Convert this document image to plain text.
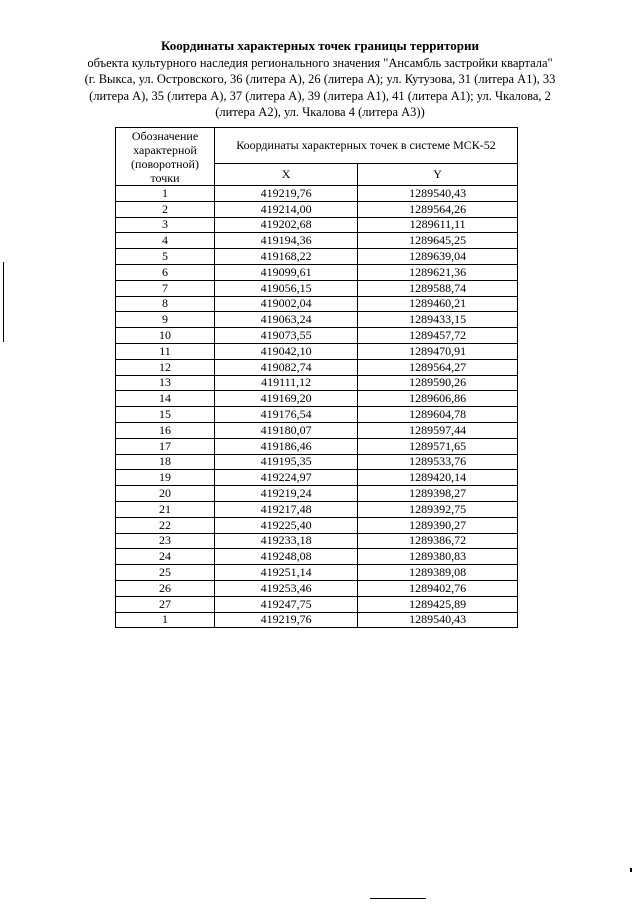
Координаты характерных точек границы территории
объекта культурного наследия регионального значения "Ансамбль застройки квартала"
(г. Выкса, ул. Островского, 36 (литера А), 26 (литера А); ул. Кутузова, 31 (литера А1), 33
(литера А), 35 (литера А), 37 (литера А), 39 (литера А1), 41 (литера А1); ул. Чкалова, 2
(литера А2), ул. Чкалова 4 (литера А3))
Обозначение
характерной
(поворотной)
точки	Координаты характерных точек в системе МСК-52	
	X	Y
1	419219,76	1289540,43
2	419214,00	1289564,26
3	419202,68	1289611,11
4	419194,36	1289645,25
5	419168,22	1289639,04
6	419099,61	1289621,36
7	419056,15	1289588,74
8	419002,04	1289460,21
9	419063,24	1289433,15
10	419073,55	1289457,72
11	419042,10	1289470,91
12	419082,74	1289564,27
13	419111,12	1289590,26
14	419169,20	1289606,86
15	419176,54	1289604,78
16	419180,07	1289597,44
17	419186,46	1289571,65
18	419195,35	1289533,76
19	419224,97	1289420,14
20	419219,24	1289398,27
21	419217,48	1289392,75
22	419225,40	1289390,27
23	419233,18	1289386,72
24	419248,08	1289380,83
25	419251,14	1289389,08
26	419253,46	1289402,76
27	419247,75	1289425,89
1	419219,76	1289540,43
